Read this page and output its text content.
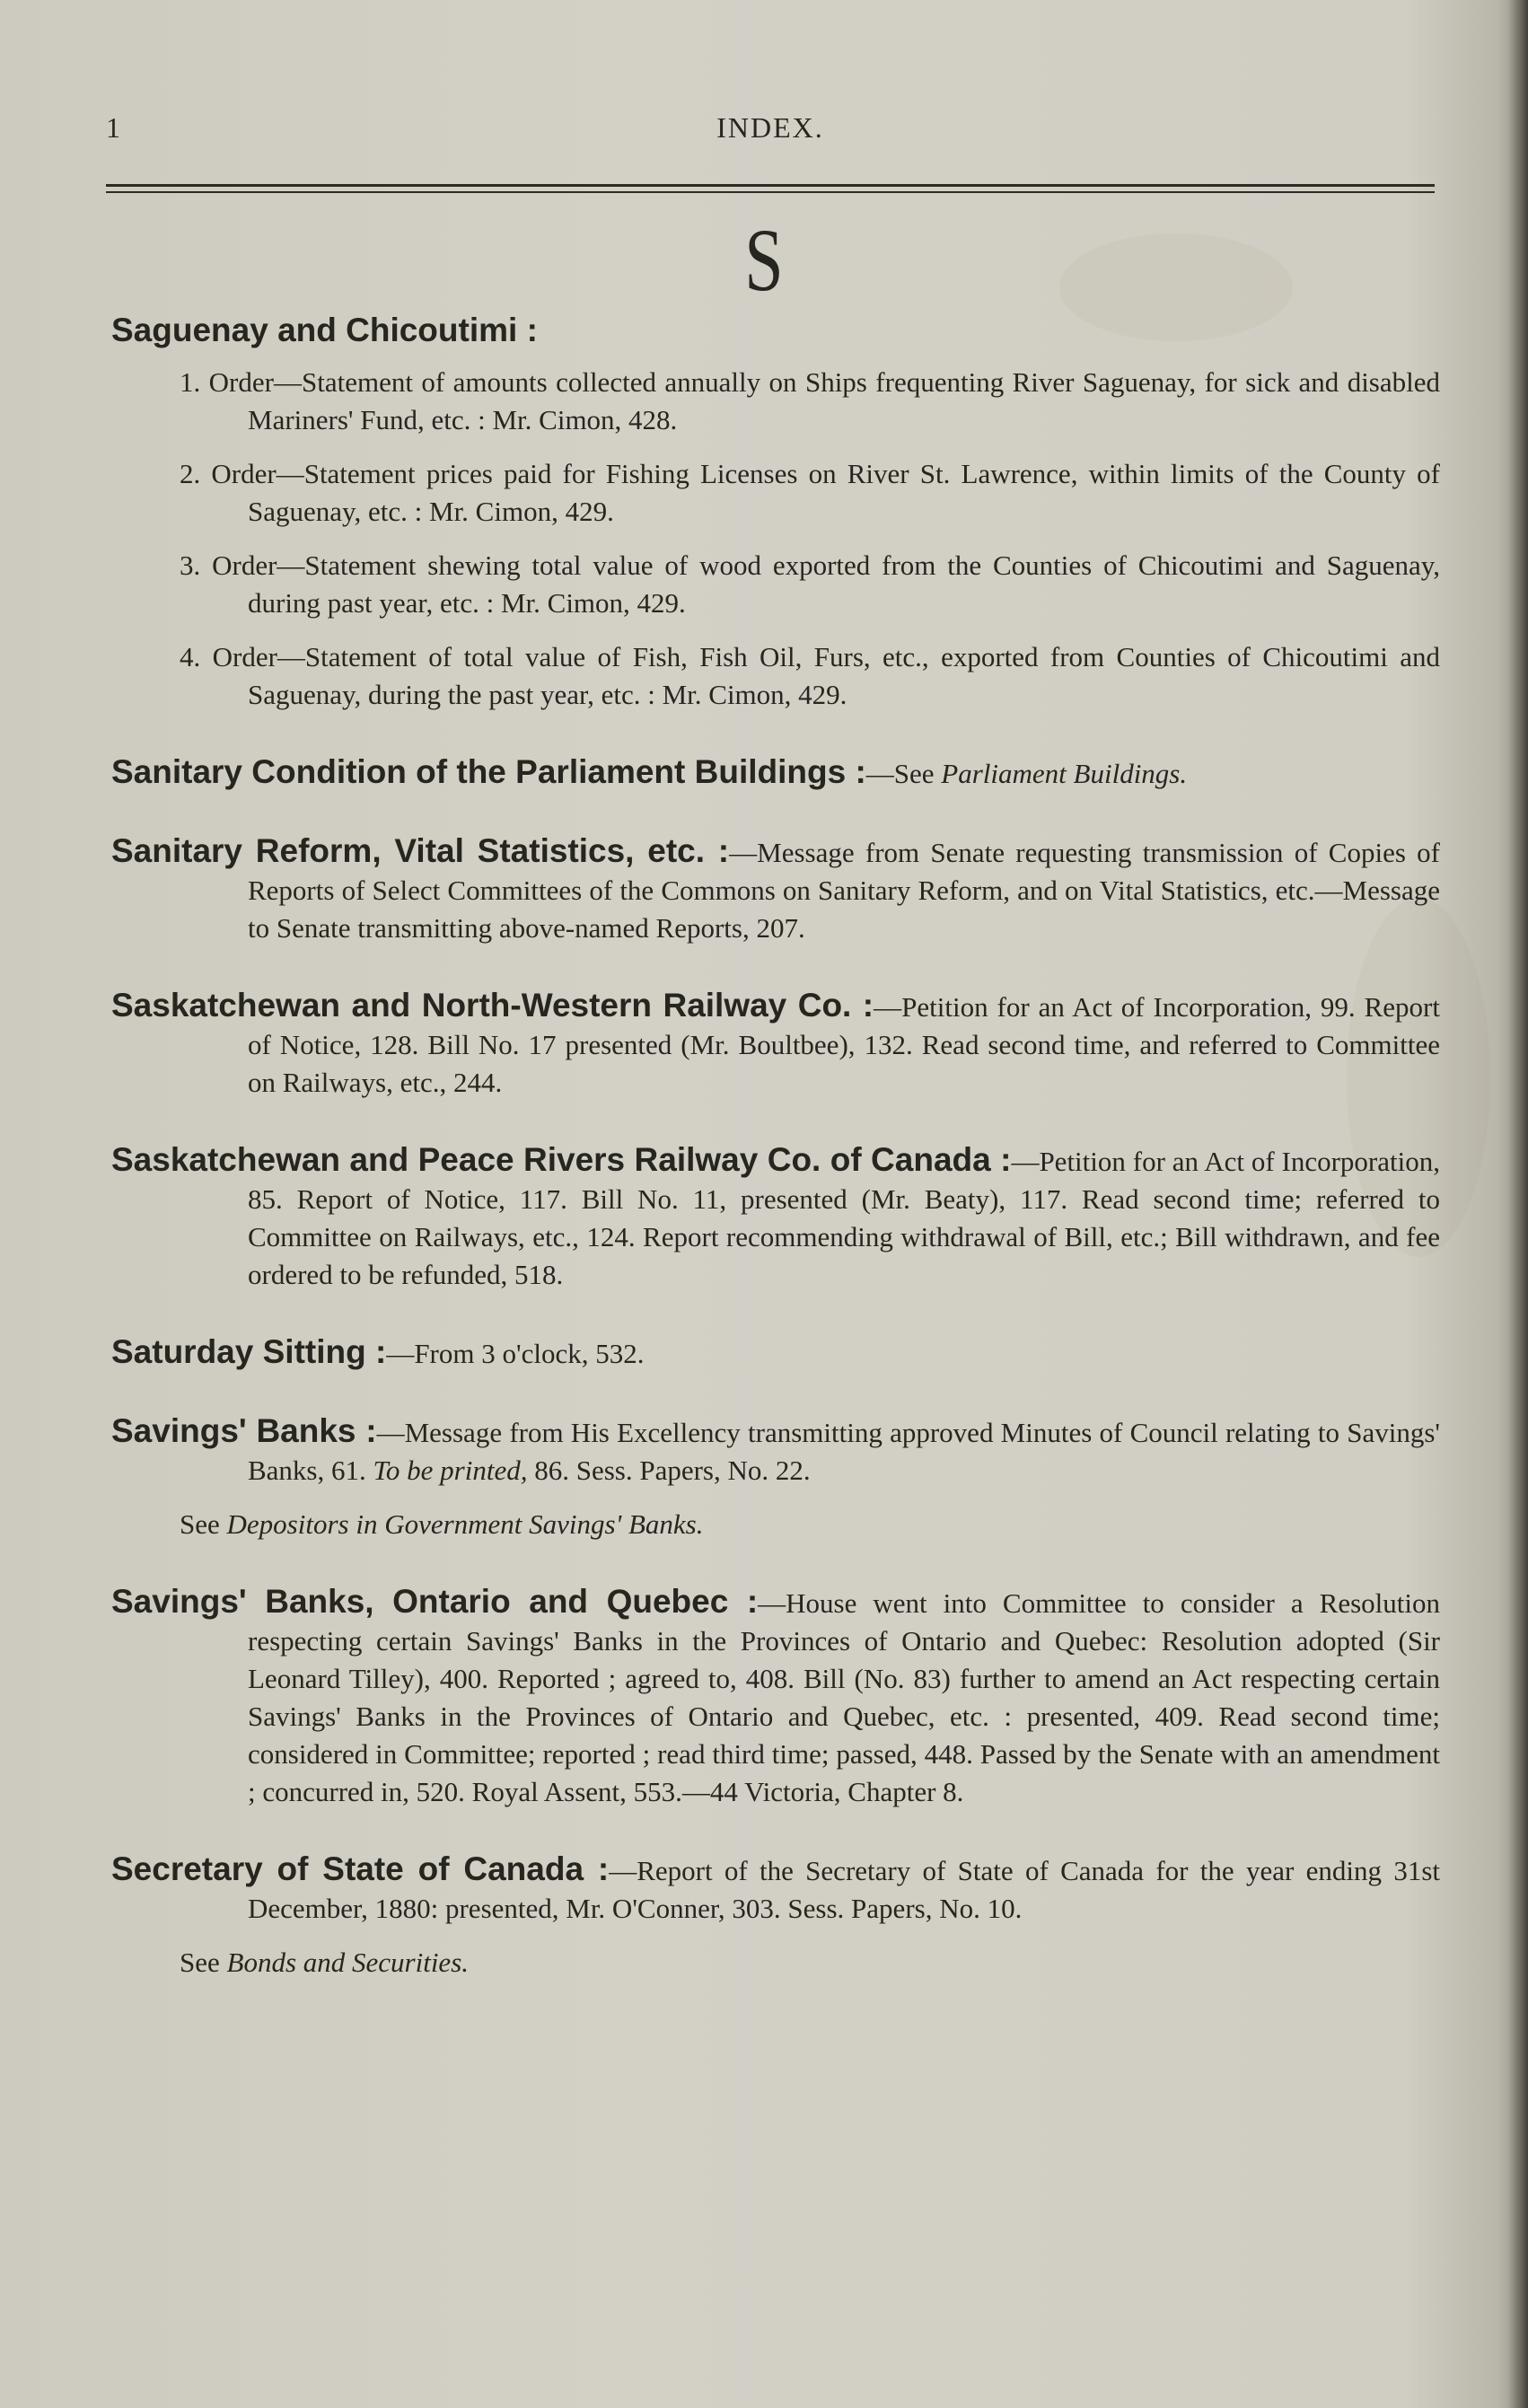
1	INDEX.
S
Saguenay and Chicoutimi :
1. Order—Statement of amounts collected annually on Ships frequenting River Saguenay, for sick and disabled Mariners' Fund, etc. : Mr. Cimon, 428.
2. Order—Statement prices paid for Fishing Licenses on River St. Lawrence, within limits of the County of Saguenay, etc. : Mr. Cimon, 429.
3. Order—Statement shewing total value of wood exported from the Counties of Chicoutimi and Saguenay, during past year, etc. : Mr. Cimon, 429.
4. Order—Statement of total value of Fish, Fish Oil, Furs, etc., exported from Counties of Chicoutimi and Saguenay, during the past year, etc. : Mr. Cimon, 429.
Sanitary Condition of the Parliament Buildings :—See Parliament Buildings.
Sanitary Reform, Vital Statistics, etc. :—Message from Senate requesting transmission of Copies of Reports of Select Committees of the Commons on Sanitary Reform, and on Vital Statistics, etc.—Message to Senate transmitting above-named Reports, 207.
Saskatchewan and North-Western Railway Co. :—Petition for an Act of Incorporation, 99. Report of Notice, 128. Bill No. 17 presented (Mr. Boultbee), 132. Read second time, and referred to Committee on Railways, etc., 244.
Saskatchewan and Peace Rivers Railway Co. of Canada :—Petition for an Act of Incorporation, 85. Report of Notice, 117. Bill No. 11, presented (Mr. Beaty), 117. Read second time; referred to Committee on Railways, etc., 124. Report recommending withdrawal of Bill, etc.; Bill withdrawn, and fee ordered to be refunded, 518.
Saturday Sitting :—From 3 o'clock, 532.
Savings' Banks :—Message from His Excellency transmitting approved Minutes of Council relating to Savings' Banks, 61. To be printed, 86. Sess. Papers, No. 22.
See Depositors in Government Savings' Banks.
Savings' Banks, Ontario and Quebec :—House went into Committee to consider a Resolution respecting certain Savings' Banks in the Provinces of Ontario and Quebec: Resolution adopted (Sir Leonard Tilley), 400. Reported ; agreed to, 408. Bill (No. 83) further to amend an Act respecting certain Savings' Banks in the Provinces of Ontario and Quebec, etc. : presented, 409. Read second time; considered in Committee; reported ; read third time; passed, 448. Passed by the Senate with an amendment ; concurred in, 520. Royal Assent, 553.—44 Victoria, Chapter 8.
Secretary of State of Canada :—Report of the Secretary of State of Canada for the year ending 31st December, 1880: presented, Mr. O'Conner, 303. Sess. Papers, No. 10.
See Bonds and Securities.
